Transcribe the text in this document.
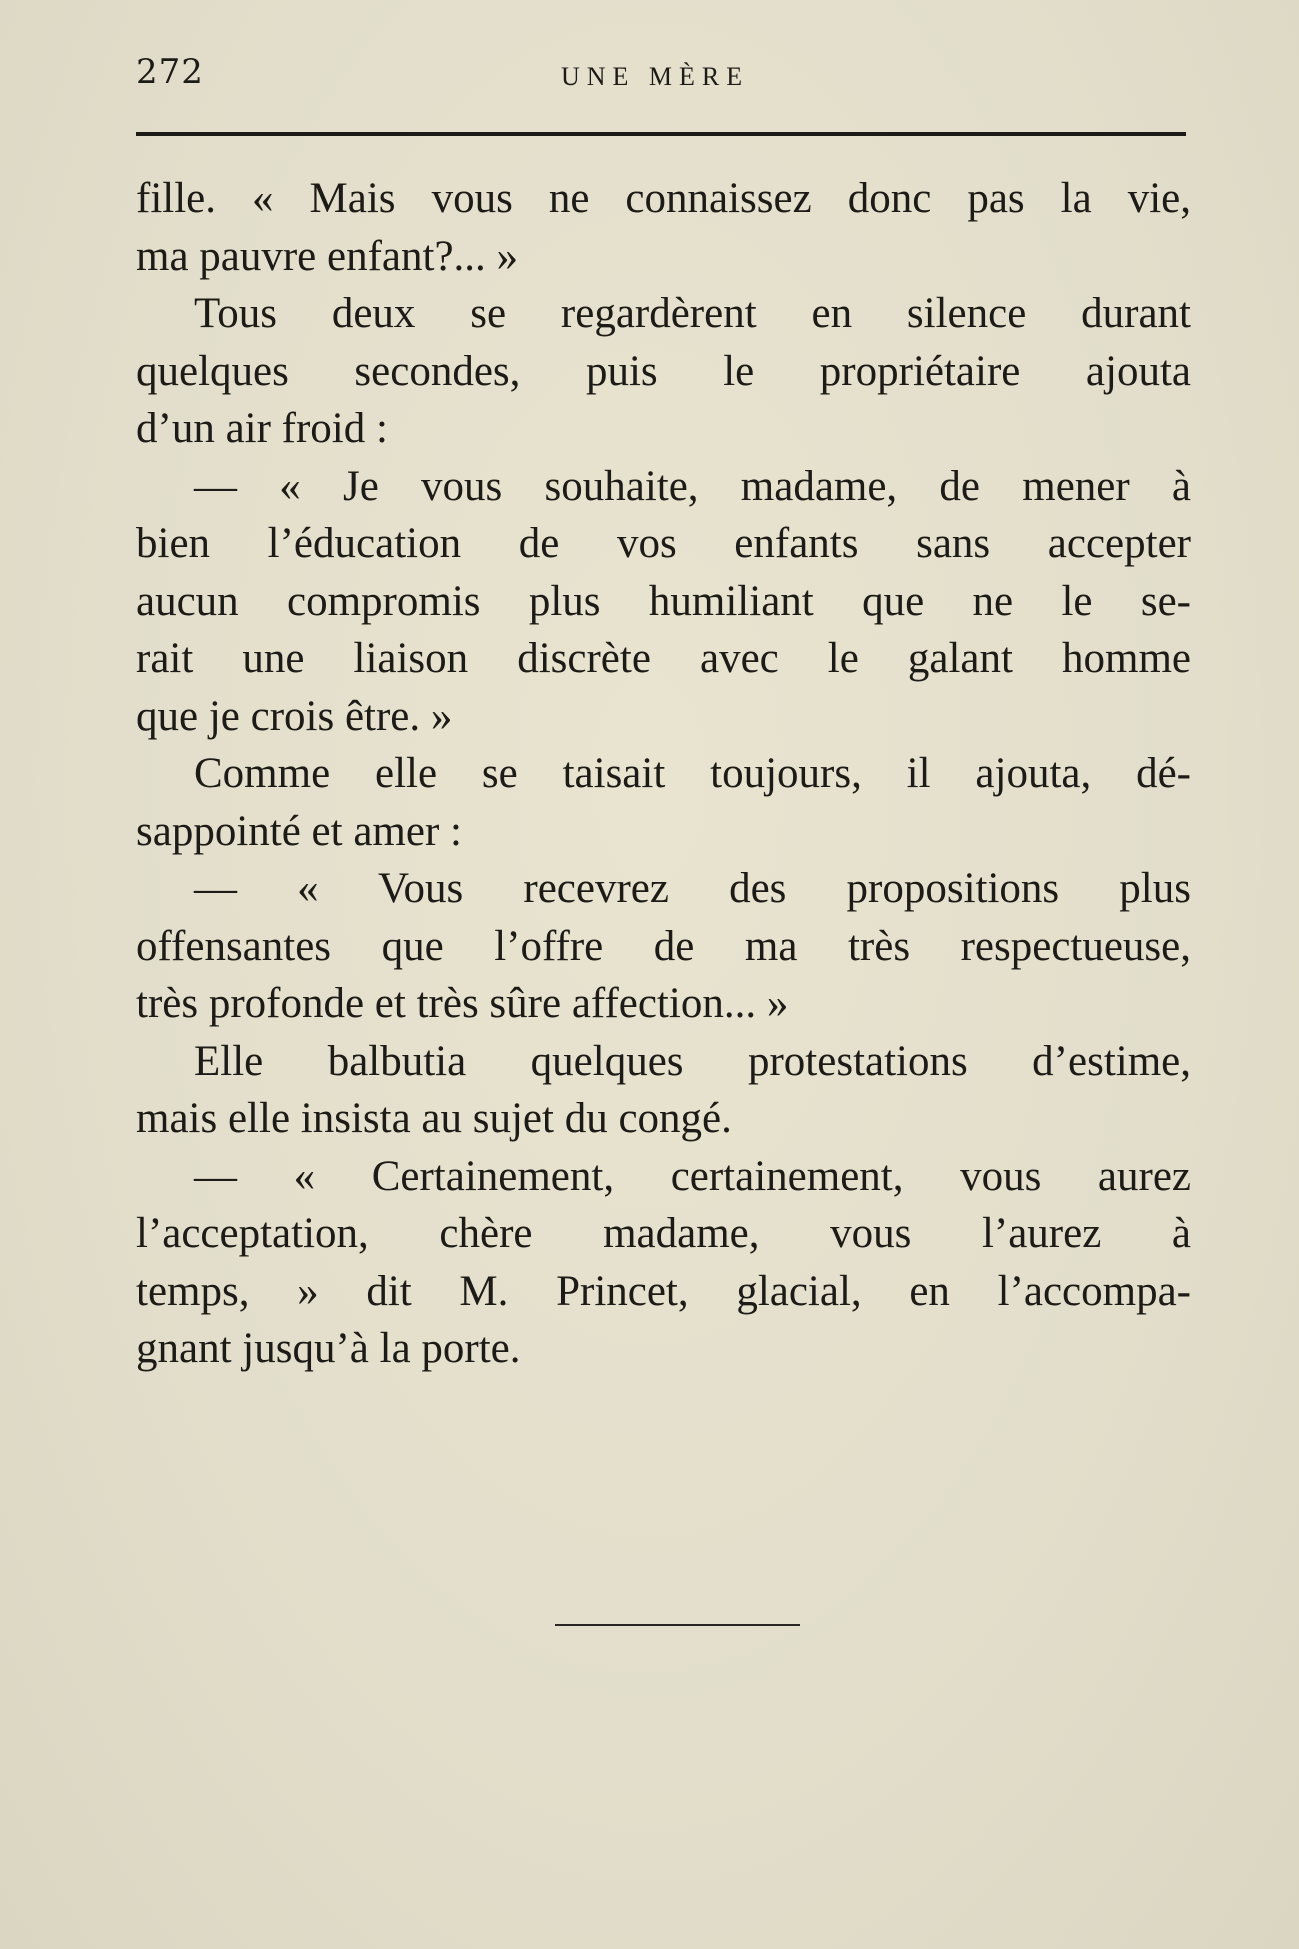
272	UNE MÈRE
fille. « Mais vous ne connaissez donc pas la vie,
ma pauvre enfant?... »
Tous deux se regardèrent en silence durant
quelques secondes, puis le propriétaire ajouta
d’un air froid :
— « Je vous souhaite, madame, de mener à
bien l’éducation de vos enfants sans accepter
aucun compromis plus humiliant que ne le se-
rait une liaison discrète avec le galant homme
que je crois être. »
Comme elle se taisait toujours, il ajouta, dé-
sappointé et amer :
— « Vous recevrez des propositions plus
offensantes que l’offre de ma très respectueuse,
très profonde et très sûre affection... »
Elle balbutia quelques protestations d’estime,
mais elle insista au sujet du congé.
— « Certainement, certainement, vous aurez
l’acceptation, chère madame, vous l’aurez à
temps, » dit M. Princet, glacial, en l’accompa-
gnant jusqu’à la porte.
